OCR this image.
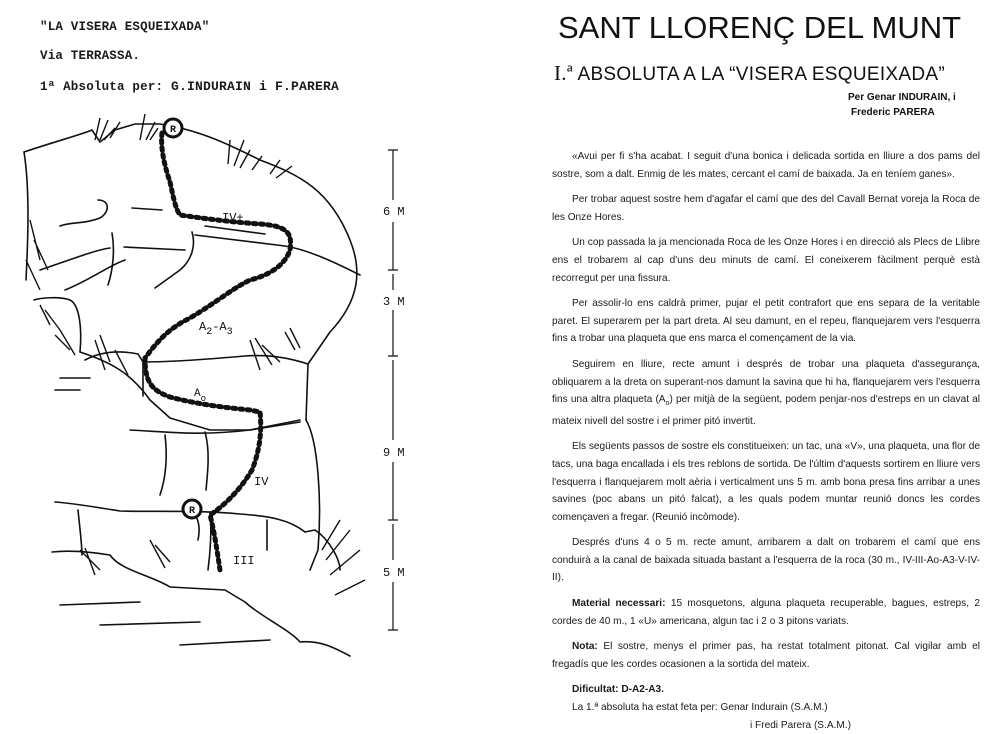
"LA VISERA ESQUEIXADA"
Via TERRASSA.
1ª Absoluta per: G.INDURAIN i F.PARERA
R
R
IV+
$A_2-A_3$
$A_o$
IV
III
6 M
3 M
9 M
5 M
SANT LLORENÇ DEL MUNT
I.ª ABSOLUTA A LA “VISERA ESQUEIXADA”
Per Genar INDURAIN, i
Frederic PARERA

«Avui per fi s'ha acabat. I seguit d'una bonica i delicada sortida en lliure a dos pams del sostre, som a dalt. Enmig de les mates, cercant el camí de baixada. Ja en teníem ganes».

Per trobar aquest sostre hem d'agafar el camí que des del Cavall Bernat voreja la Roca de les Onze Hores.

Un cop passada la ja mencionada Roca de les Onze Hores i en direcció als Plecs de Llibre ens el trobarem al cap d'uns deu minuts de camí. El coneixerem fàcilment perquè està recorregut per una fissura.

Per assolir-lo ens caldrà primer, pujar el petit contrafort que ens separa de la veritable paret. El superarem per la part dreta. Al seu damunt, en el repeu, flanquejarem vers l'esquerra fins a trobar una plaqueta que ens marca el començament de la via.

Seguirem en lliure, recte amunt i després de trobar una plaqueta d'assegurança, obliquarem a la dreta on superant-nos damunt la savina que hi ha, flanquejarem vers l'esquerra fins una altra plaqueta $(A_o)$ per mitjà de la següent, podem penjar-nos d'estreps en un clavat al mateix nivell del sostre i el primer pitó invertit.

Els següents passos de sostre els constitueixen: un tac, una «V», una plaqueta, una flor de tacs, una baga encallada i els tres reblons de sortida. De l'últim d'aquests sortirem en lliure vers l'esquerra i flanquejarem molt aèria i verticalment uns 5 m. amb bona presa fins arribar a unes savines (poc abans un pitó falcat), a les quals podem muntar reunió doncs les cordes començaven a fregar. (Reunió incòmode).

Després d'uns 4 o 5 m. recte amunt, arribarem a dalt on trobarem el camí que ens conduirà a la canal de baixada situada bastant a l'esquerra de la roca (30 m., IV-III-Ao-A3-V-IV-II).

Material necessari: 15 mosquetons, alguna plaqueta recuperable, bagues, estreps, 2 cordes de 40 m., 1 «U» americana, algun tac i 2 o 3 pitons variats.

Nota: El sostre, menys el primer pas, ha restat totalment pitonat. Cal vigilar amb el fregadís que les cordes ocasionen a la sortida del mateix.

Dificultat: D-A2-A3.

La 1.ª absoluta ha estat feta per: Genar Indurain (S.A.M.)

i Fredi Parera (S.A.M.)
